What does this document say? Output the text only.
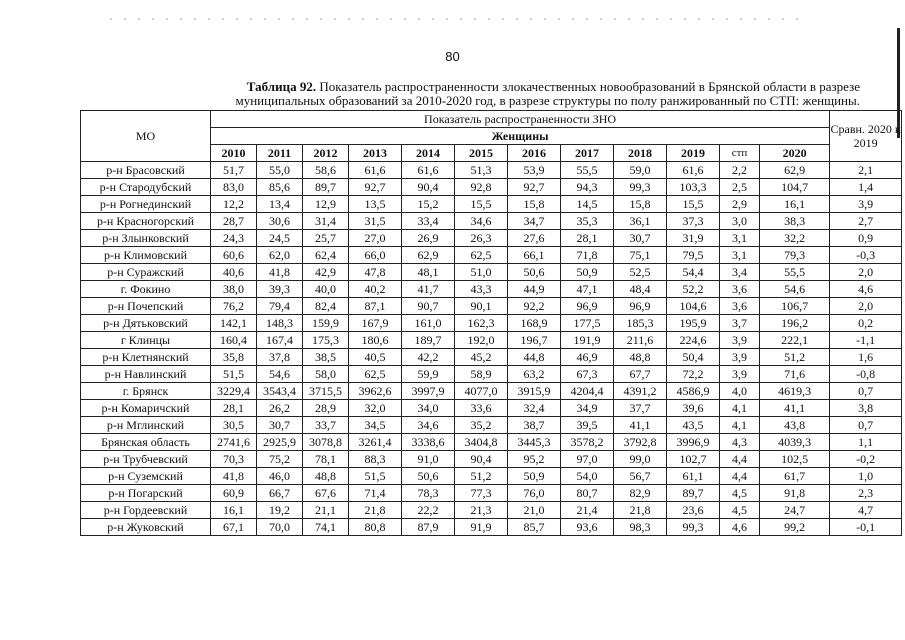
80
Таблица 92. Показатель распространенности злокачественных новообразований в Брянской области в разрезе
муниципальных образований за 2010-2020 год, в разрезе структуры по полу ранжированный по СТП: женщины.
МО	Показатель распространенности ЗНО												Сравн. 2020 к 2019
	Женщины												
	2010	2011	2012	2013	2014	2015	2016	2017	2018	2019	стп	2020	
р-н Брасовский	51,7	55,0	58,6	61,6	61,6	51,3	53,9	55,5	59,0	61,6	2,2	62,9	2,1
р-н Стародубский	83,0	85,6	89,7	92,7	90,4	92,8	92,7	94,3	99,3	103,3	2,5	104,7	1,4
р-н Рогнединский	12,2	13,4	12,9	13,5	15,2	15,5	15,8	14,5	15,8	15,5	2,9	16,1	3,9
р-н Красногорский	28,7	30,6	31,4	31,5	33,4	34,6	34,7	35,3	36,1	37,3	3,0	38,3	2,7
р-н Злынковский	24,3	24,5	25,7	27,0	26,9	26,3	27,6	28,1	30,7	31,9	3,1	32,2	0,9
р-н Климовский	60,6	62,0	62,4	66,0	62,9	62,5	66,1	71,8	75,1	79,5	3,1	79,3	-0,3
р-н Суражский	40,6	41,8	42,9	47,8	48,1	51,0	50,6	50,9	52,5	54,4	3,4	55,5	2,0
г. Фокино	38,0	39,3	40,0	40,2	41,7	43,3	44,9	47,1	48,4	52,2	3,6	54,6	4,6
р-н Почепский	76,2	79,4	82,4	87,1	90,7	90,1	92,2	96,9	96,9	104,6	3,6	106,7	2,0
р-н Дятьковский	142,1	148,3	159,9	167,9	161,0	162,3	168,9	177,5	185,3	195,9	3,7	196,2	0,2
г Клинцы	160,4	167,4	175,3	180,6	189,7	192,0	196,7	191,9	211,6	224,6	3,9	222,1	-1,1
р-н Клетнянский	35,8	37,8	38,5	40,5	42,2	45,2	44,8	46,9	48,8	50,4	3,9	51,2	1,6
р-н Навлинский	51,5	54,6	58,0	62,5	59,9	58,9	63,2	67,3	67,7	72,2	3,9	71,6	-0,8
г. Брянск	3229,4	3543,4	3715,5	3962,6	3997,9	4077,0	3915,9	4204,4	4391,2	4586,9	4,0	4619,3	0,7
р-н Комаричский	28,1	26,2	28,9	32,0	34,0	33,6	32,4	34,9	37,7	39,6	4,1	41,1	3,8
р-н Мглинский	30,5	30,7	33,7	34,5	34,6	35,2	38,7	39,5	41,1	43,5	4,1	43,8	0,7
Брянская область	2741,6	2925,9	3078,8	3261,4	3338,6	3404,8	3445,3	3578,2	3792,8	3996,9	4,3	4039,3	1,1
р-н Трубчевский	70,3	75,2	78,1	88,3	91,0	90,4	95,2	97,0	99,0	102,7	4,4	102,5	-0,2
р-н Суземский	41,8	46,0	48,8	51,5	50,6	51,2	50,9	54,0	56,7	61,1	4,4	61,7	1,0
р-н Погарский	60,9	66,7	67,6	71,4	78,3	77,3	76,0	80,7	82,9	89,7	4,5	91,8	2,3
р-н Гордеевский	16,1	19,2	21,1	21,8	22,2	21,3	21,0	21,4	21,8	23,6	4,5	24,7	4,7
р-н Жуковский	67,1	70,0	74,1	80,8	87,9	91,9	85,7	93,6	98,3	99,3	4,6	99,2	-0,1
